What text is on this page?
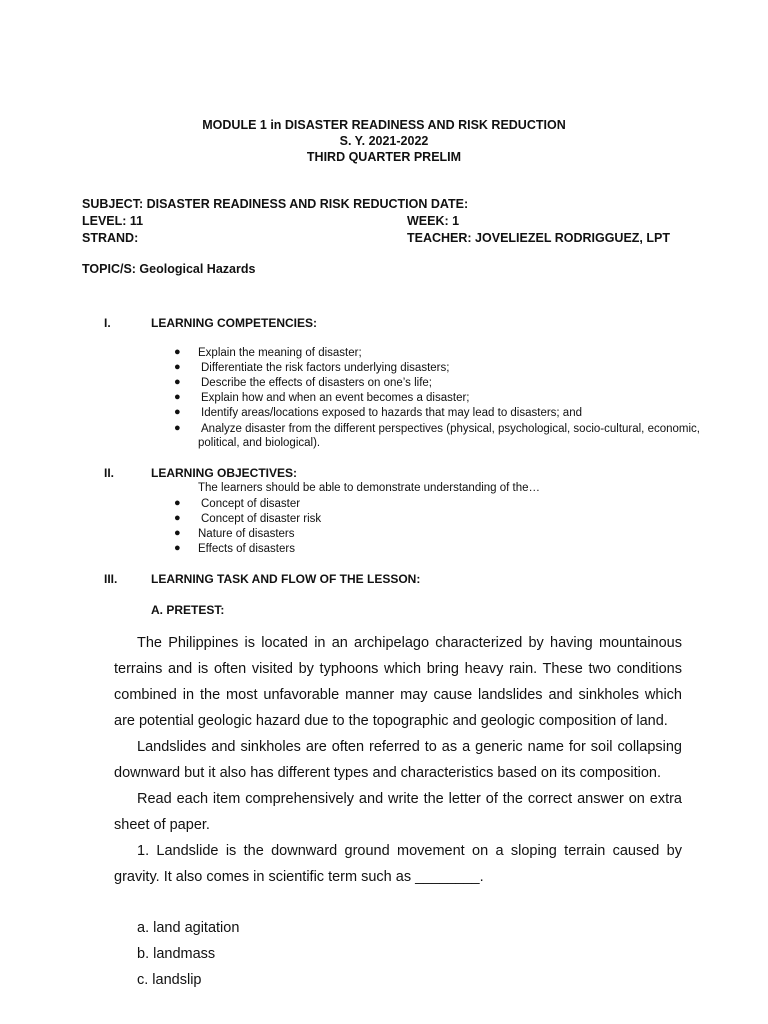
MODULE 1 in DISASTER READINESS AND RISK REDUCTION
S. Y. 2021-2022
THIRD QUARTER PRELIM
SUBJECT: DISASTER READINESS AND RISK REDUCTION DATE:
LEVEL: 11	WEEK: 1
STRAND:	TEACHER: JOVELIEZEL RODRIGGUEZ, LPT
TOPIC/S: Geological Hazards
I.	LEARNING COMPETENCIES:
● Explain the meaning of disaster;
● Differentiate the risk factors underlying disasters;
● Describe the effects of disasters on one’s life;
● Explain how and when an event becomes a disaster;
● Identify areas/locations exposed to hazards that may lead to disasters; and
● Analyze disaster from the different perspectives (physical, psychological, socio-cultural, economic,
political, and biological).
II.	LEARNING OBJECTIVES:
The learners should be able to demonstrate understanding of the…
● Concept of disaster
● Concept of disaster risk
● Nature of disasters
● Effects of disasters
III.	LEARNING TASK AND FLOW OF THE LESSON:
A. PRETEST:
The Philippines is located in an archipelago characterized by having mountainous terrains and is often visited by typhoons which bring heavy rain. These two conditions combined in the most unfavorable manner may cause landslides and sinkholes which are potential geologic hazard due to the topographic and geologic composition of land.
Landslides and sinkholes are often referred to as a generic name for soil collapsing downward but it also has different types and characteristics based on its composition.
Read each item comprehensively and write the letter of the correct answer on extra sheet of paper.
1. Landslide is the downward ground movement on a sloping terrain caused by gravity. It also comes in scientific term such as ________.
a. land agitation
b. landmass
c. landslip
